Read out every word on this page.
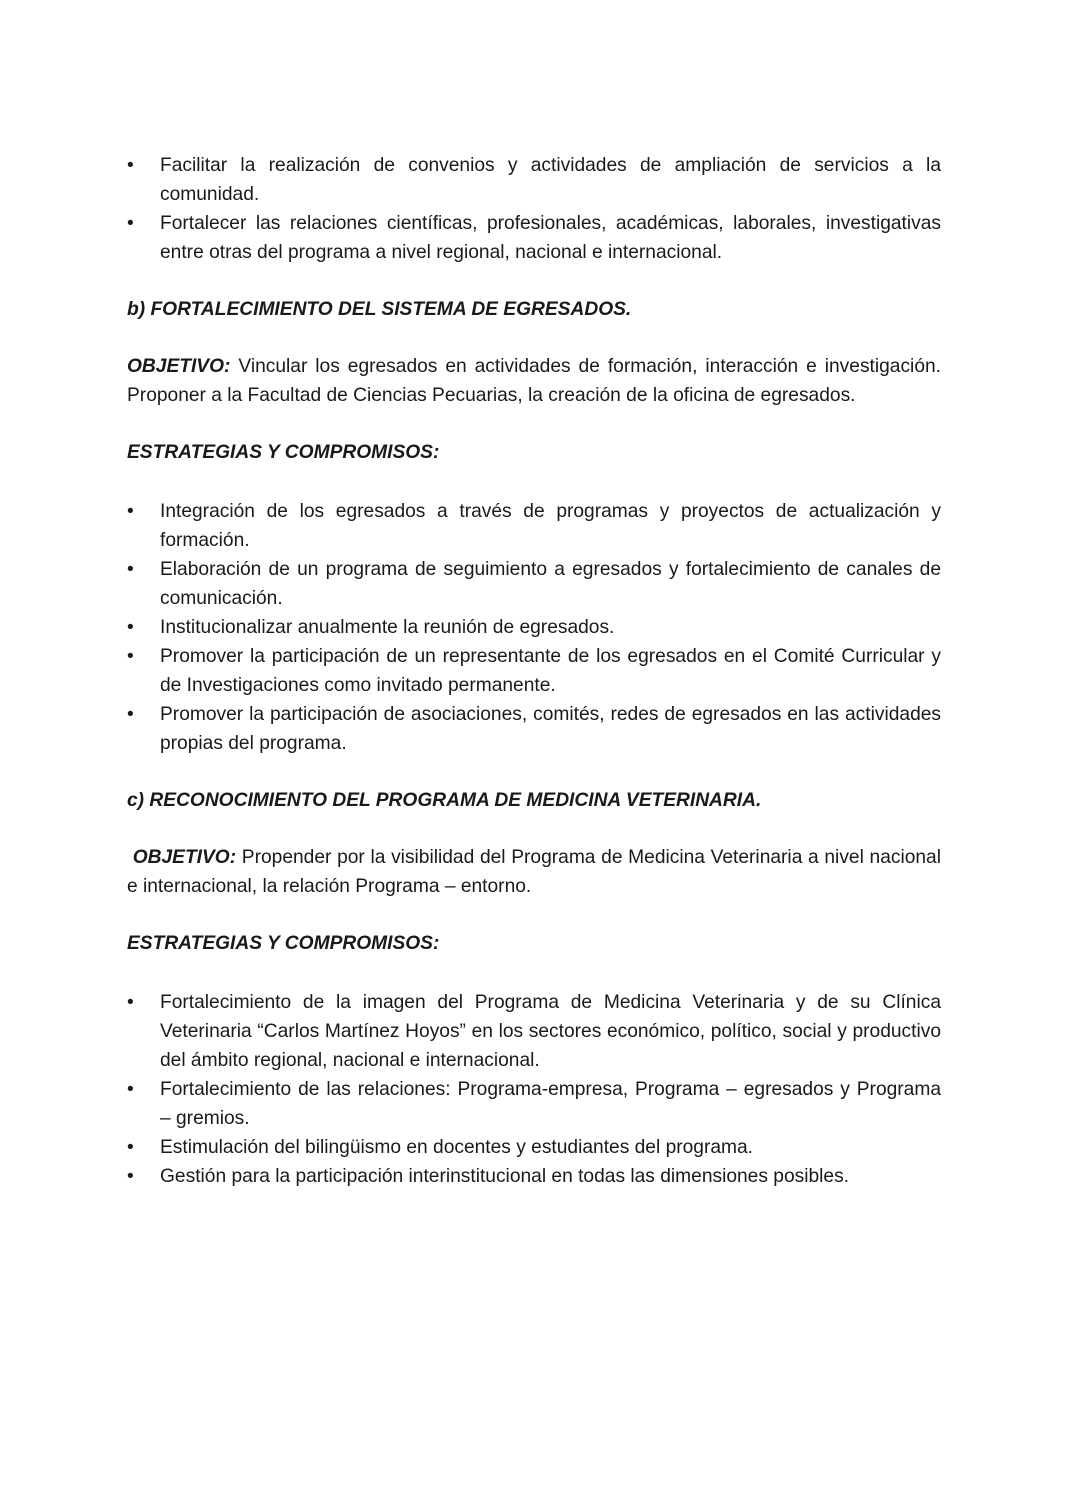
•	Facilitar la realización de convenios y actividades de ampliación de servicios a la comunidad.
•	Fortalecer las relaciones científicas, profesionales, académicas, laborales, investigativas entre otras del programa a nivel regional, nacional e internacional.

b) FORTALECIMIENTO DEL SISTEMA DE EGRESADOS.

OBJETIVO: Vincular los egresados en actividades de formación, interacción e investigación. Proponer a la Facultad de Ciencias Pecuarias, la creación de la oficina de egresados.

ESTRATEGIAS Y COMPROMISOS:

•	Integración de los egresados a través de programas y proyectos de actualización y formación.
•	Elaboración de un programa de seguimiento a egresados y fortalecimiento de canales de comunicación.
•	Institucionalizar anualmente la reunión de egresados.
•	Promover la participación de un representante de los egresados en el Comité Curricular y de Investigaciones como invitado permanente.
•	Promover la participación de asociaciones, comités, redes de egresados en las actividades propias del programa.

c) RECONOCIMIENTO DEL PROGRAMA DE MEDICINA VETERINARIA.

OBJETIVO: Propender por la visibilidad del Programa de Medicina Veterinaria a nivel nacional e internacional, la relación Programa – entorno.

ESTRATEGIAS Y COMPROMISOS:

•	Fortalecimiento de la imagen del Programa de Medicina Veterinaria y de su Clínica Veterinaria “Carlos Martínez Hoyos” en los sectores económico, político, social y productivo del ámbito regional, nacional e internacional.
•	Fortalecimiento de las relaciones: Programa-empresa, Programa – egresados y Programa – gremios.
•	Estimulación del bilingüismo en docentes y estudiantes del programa.
•	Gestión para la participación interinstitucional en todas las dimensiones posibles.
